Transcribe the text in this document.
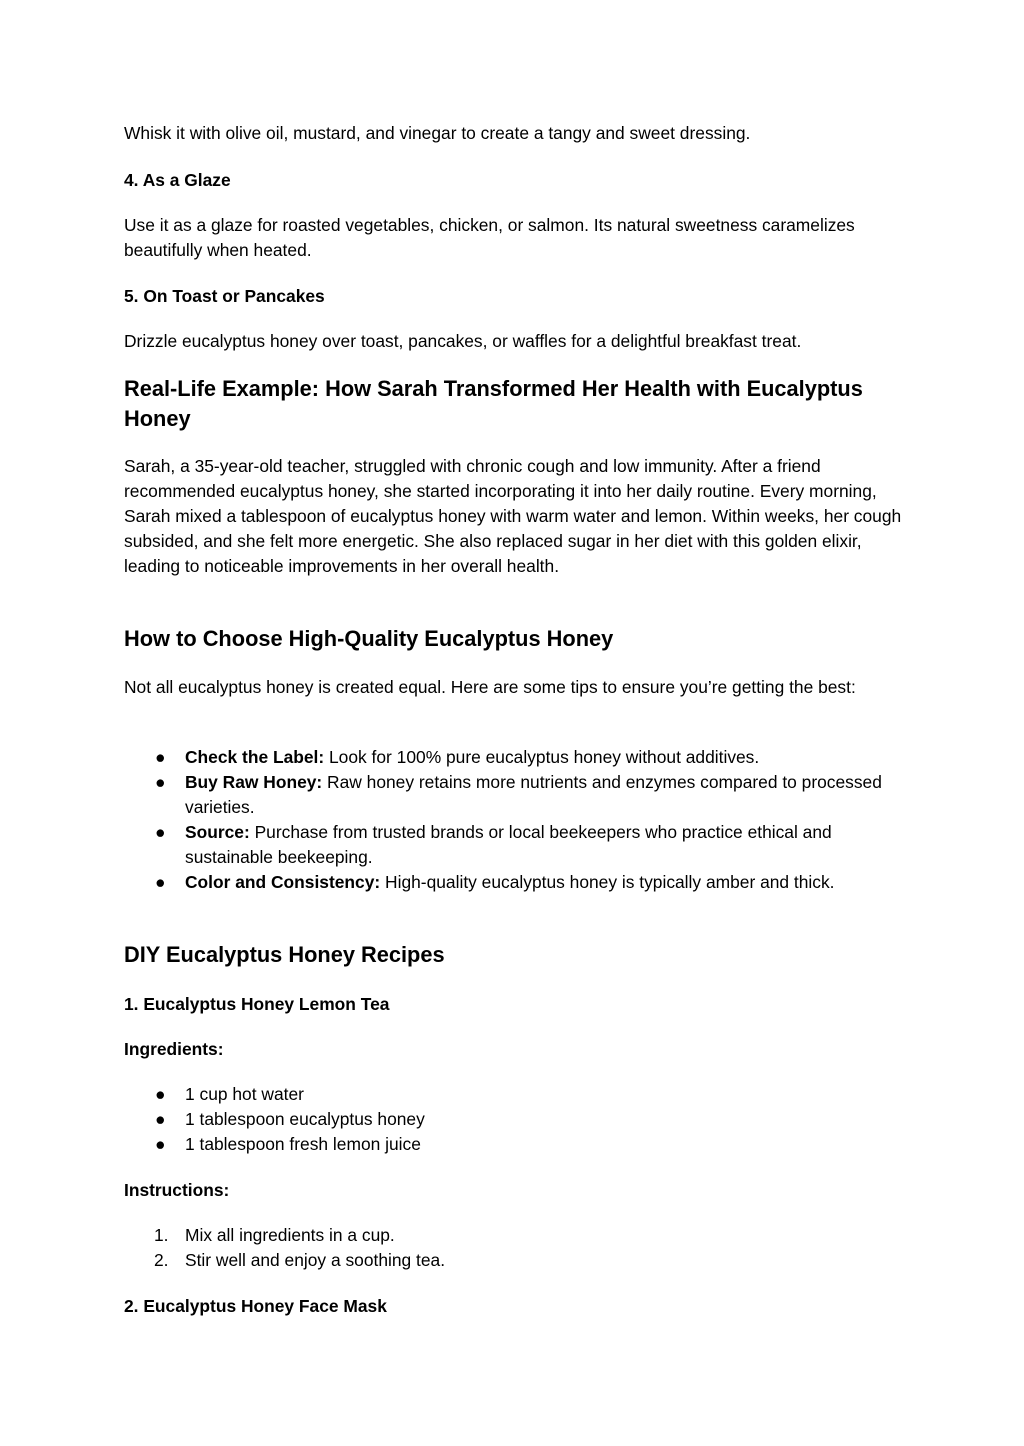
Whisk it with olive oil, mustard, and vinegar to create a tangy and sweet dressing.

4. As a Glaze

Use it as a glaze for roasted vegetables, chicken, or salmon. Its natural sweetness caramelizes beautifully when heated.

5. On Toast or Pancakes

Drizzle eucalyptus honey over toast, pancakes, or waffles for a delightful breakfast treat.

Real-Life Example: How Sarah Transformed Her Health with Eucalyptus Honey

Sarah, a 35-year-old teacher, struggled with chronic cough and low immunity. After a friend recommended eucalyptus honey, she started incorporating it into her daily routine. Every morning, Sarah mixed a tablespoon of eucalyptus honey with warm water and lemon. Within weeks, her cough subsided, and she felt more energetic. She also replaced sugar in her diet with this golden elixir, leading to noticeable improvements in her overall health.

How to Choose High-Quality Eucalyptus Honey

Not all eucalyptus honey is created equal. Here are some tips to ensure you’re getting the best:

●	Check the Label: Look for 100% pure eucalyptus honey without additives.
●	Buy Raw Honey: Raw honey retains more nutrients and enzymes compared to processed varieties.
●	Source: Purchase from trusted brands or local beekeepers who practice ethical and sustainable beekeeping.
●	Color and Consistency: High-quality eucalyptus honey is typically amber and thick.
DIY Eucalyptus Honey Recipes

1. Eucalyptus Honey Lemon Tea

Ingredients:

●	1 cup hot water
●	1 tablespoon eucalyptus honey
●	1 tablespoon fresh lemon juice

Instructions:

1. Mix all ingredients in a cup.
2. Stir well and enjoy a soothing tea.

2. Eucalyptus Honey Face Mask
